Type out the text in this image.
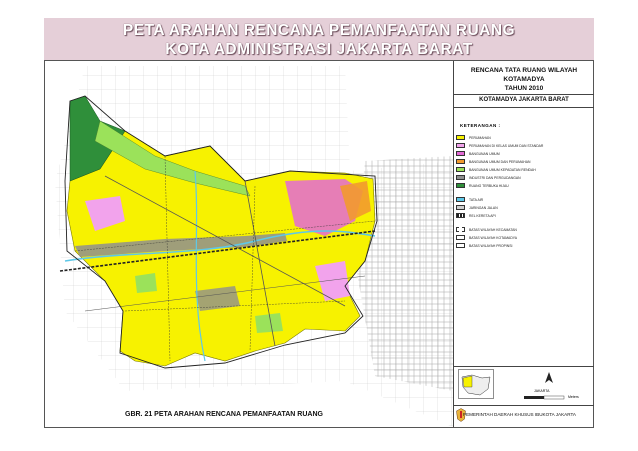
PETA ARAHAN RENCANA PEMANFAATAN RUANG
KOTA ADMINISTRASI JAKARTA BARAT
RENCANA TATA RUANG WILAYAH
KOTAMADYA
TAHUN 2010
KOTAMADYA JAKARTA BARAT
KETERANGAN :
PERUMAHAN
PERUMAHAN DI KELAS UMUM DAN STANDAR
BANGUNAN UMUM
BANGUNAN UMUM DAN PERUMAHAN
BANGUNAN UMUM KEPADATAN RENDAH
INDUSTRI DAN PERGUDANGAN
RUANG TERBUKA HIJAU
TATA AIR
JARINGAN JALAN
REL KERETA API
BATAS WILAYAH KECAMATAN
BATAS WILAYAH KOTAMADYA
BATAS WILAYAH PROPINSI
JAKARTA
Meters
GBR. 21 PETA ARAHAN RENCANA PEMANFAATAN RUANG	PEMERINTAH DAERAH KHUSUS IBUKOTA JAKARTA
